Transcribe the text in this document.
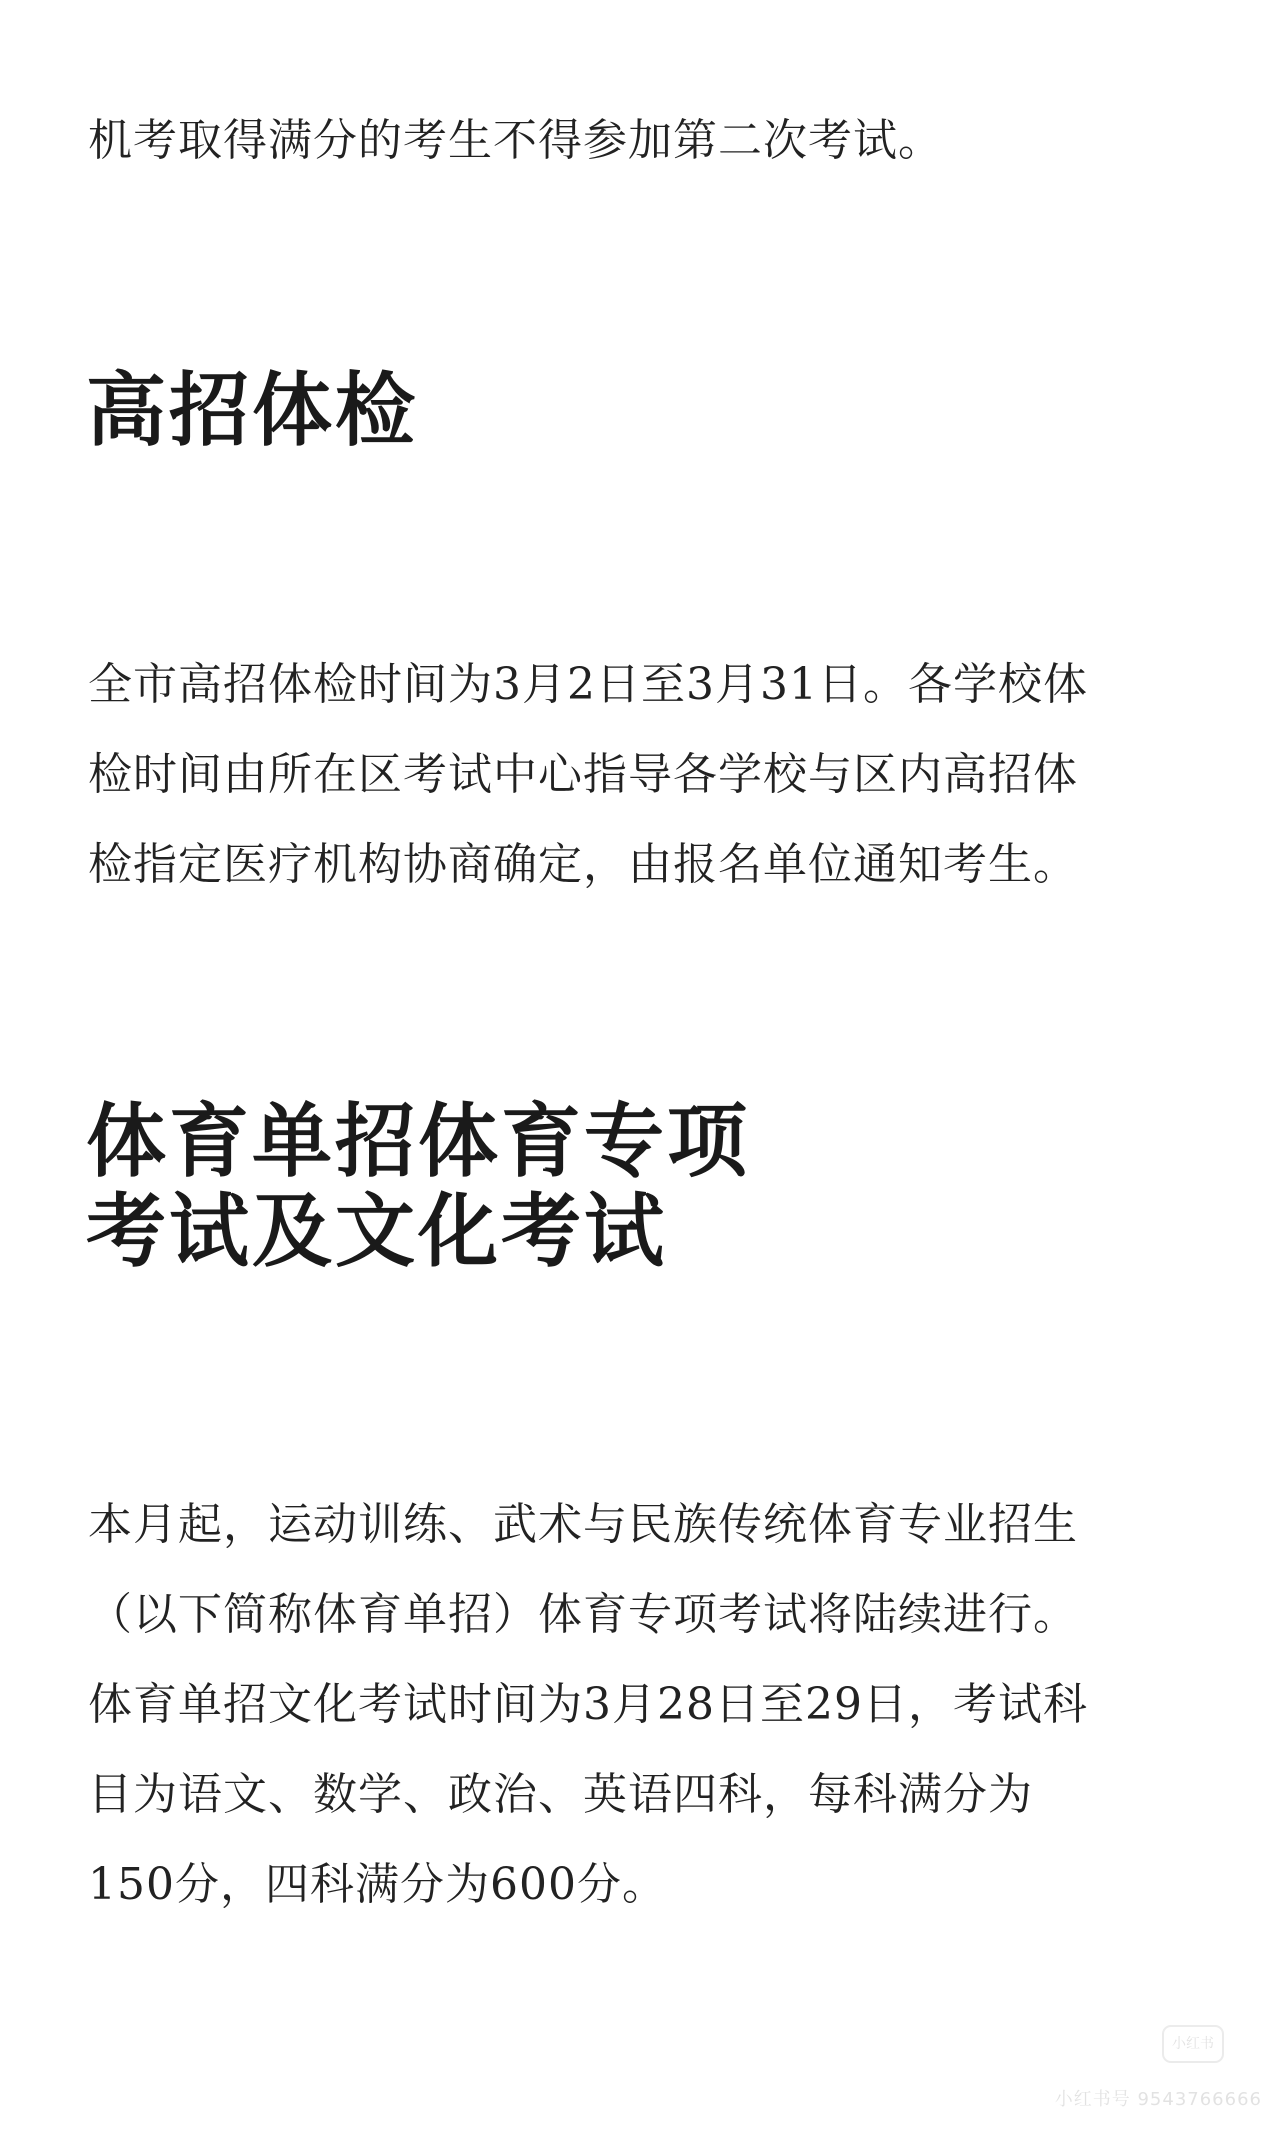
机考取得满分的考生不得参加第二次考试。

高招体检

全市高招体检时间为3月2日至3月31日。各学校体
检时间由所在区考试中心指导各学校与区内高招体
检指定医疗机构协商确定，由报名单位通知考生。

体育单招体育专项
考试及文化考试

本月起，运动训练、武术与民族传统体育专业招生
（以下简称体育单招）体育专项考试将陆续进行。
体育单招文化考试时间为3月28日至29日，考试科
目为语文、数学、政治、英语四科，每科满分为
150分，四科满分为600分。

小红书
小红书号 9543766666
